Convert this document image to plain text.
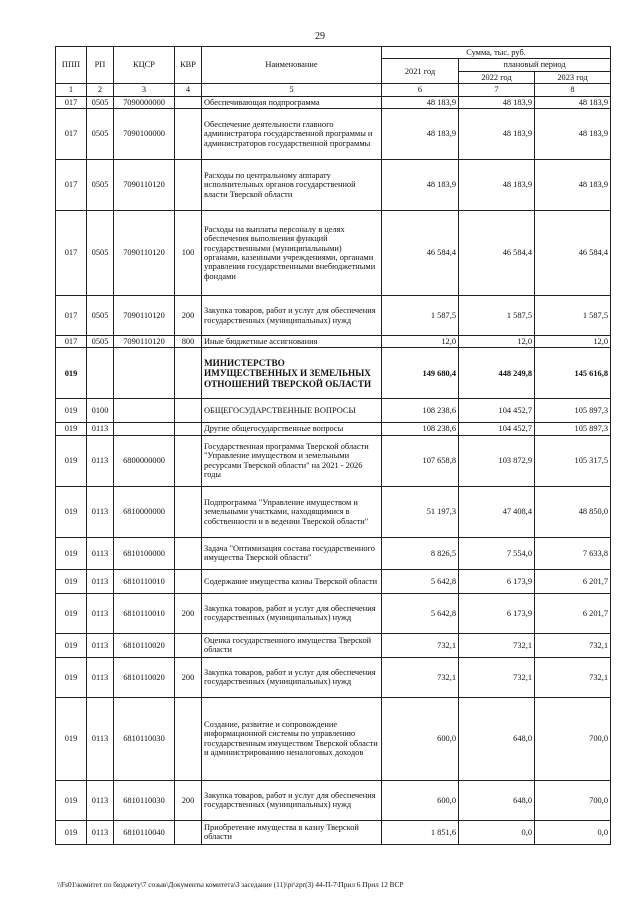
29
ППП	РП	КЦСР	КВР	Наименование	Сумма, тыс. руб.		
					2021 год	плановый период	
						2022 год	2023 год
1	2	3	4	5	6	7	8
017	0505	7090000000		Обеспечивающая подпрограмма	48 183,9	48 183,9	48 183,9
017	0505	7090100000		Обеспечение деятельности главного администратора государственной программы и администраторов государственной программы	48 183,9	48 183,9	48 183,9
017	0505	7090110120		Расходы по центральному аппарату исполнительных органов государственной власти Тверской области	48 183,9	48 183,9	48 183,9
017	0505	7090110120	100	Расходы на выплаты персоналу в целях обеспечения выполнения функций государственными (муниципальными) органами, казенными учреждениями, органами управления государственными внебюджетными фондами	46 584,4	46 584,4	46 584,4
017	0505	7090110120	200	Закупка товаров, работ и услуг для обеспечения государственных (муниципальных) нужд	1 587,5	1 587,5	1 587,5
017	0505	7090110120	800	Иные бюджетные ассигнования	12,0	12,0	12,0
019				МИНИСТЕРСТВО ИМУЩЕСТВЕННЫХ И ЗЕМЕЛЬНЫХ ОТНОШЕНИЙ ТВЕРСКОЙ ОБЛАСТИ	149 680,4	448 249,8	145 616,8
019	0100			ОБЩЕГОСУДАРСТВЕННЫЕ ВОПРОСЫ	108 238,6	104 452,7	105 897,3
019	0113			Другие общегосударственные вопросы	108 238,6	104 452,7	105 897,3
019	0113	6800000000		Государственная программа Тверской области "Управление имуществом и земельными ресурсами Тверской области" на 2021 - 2026 годы	107 658,8	103 872,9	105 317,5
019	0113	6810000000		Подпрограмма "Управление имуществом и земельными участками, находящимися в собственности и в ведении Тверской области"	51 197,3	47 408,4	48 850,0
019	0113	6810100000		Задача "Оптимизация состава государственного имущества Тверской области"	8 826,5	7 554,0	7 633,8
019	0113	6810110010		Содержание имущества казны Тверской области	5 642,8	6 173,9	6 201,7
019	0113	6810110010	200	Закупка товаров, работ и услуг для обеспечения государственных (муниципальных) нужд	5 642,8	6 173,9	6 201,7
019	0113	6810110020		Оценка государственного имущества Тверской области	732,1	732,1	732,1
019	0113	6810110020	200	Закупка товаров, работ и услуг для обеспечения государственных (муниципальных) нужд	732,1	732,1	732,1
019	0113	6810110030		Создание, развитие и сопровождение информационной системы по управлению государственным имуществом Тверской области и администрированию неналоговых доходов	600,0	648,0	700,0
019	0113	6810110030	200	Закупка товаров, работ и услуг для обеспечения государственных (муниципальных) нужд	600,0	648,0	700,0
019	0113	6810110040		Приобретение имущества в казну Тверской области	1 851,6	0,0	0,0
\\Fs01\комитет по бюджету\7 созыв\Документы комитета\3 заседание (11)\pr\zpr(3) 44-П-7\Прил 6 Прил 12 ВСР
